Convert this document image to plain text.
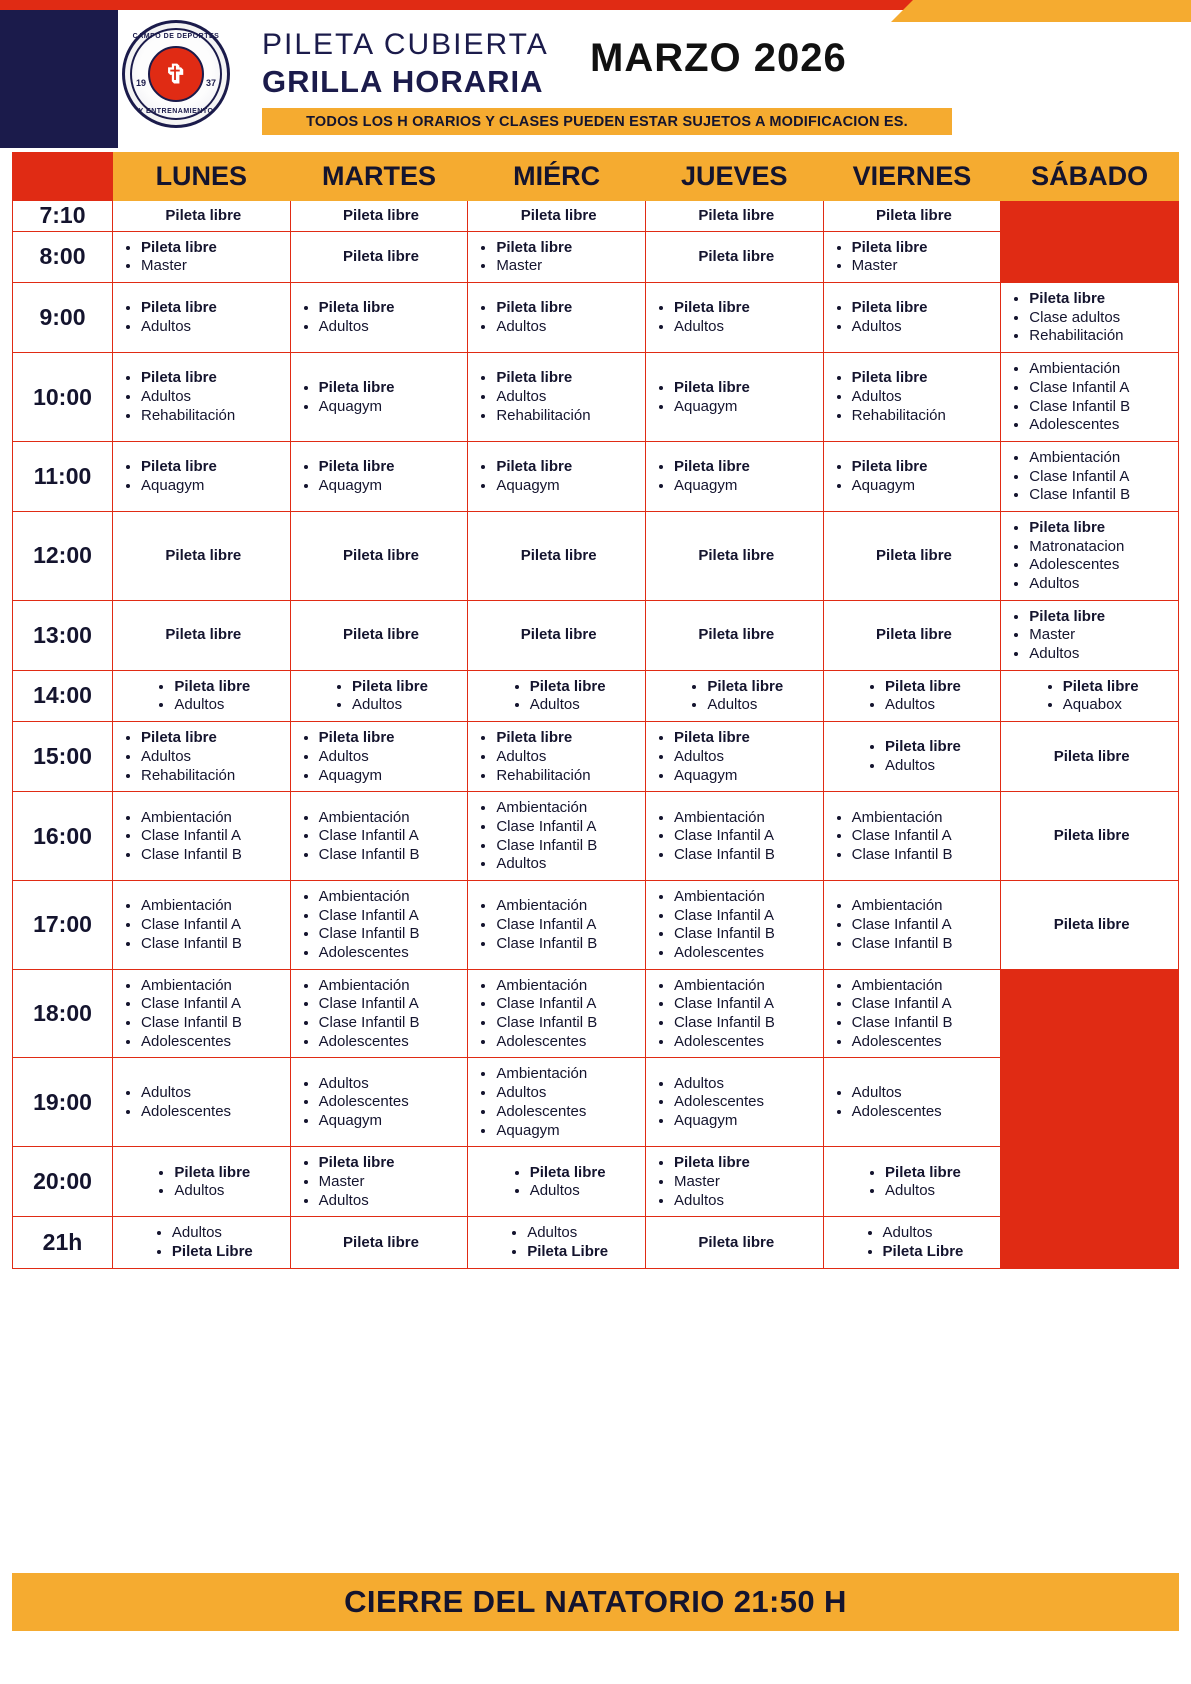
CAMPO DE DEPORTES
Y ENTRENAMIENTO
19	37
✞
PILETA CUBIERTA
GRILLA HORARIA
MARZO 2026
TODOS LOS H ORARIOS Y CLASES PUEDEN ESTAR SUJETOS A MODIFICACION ES.
	LUNES	MARTES	MIÉRC	JUEVES	VIERNES	SÁBADO
7:10	Pileta libre	Pileta libre	Pileta libre	Pileta libre	Pileta libre	
8:00	
•Pileta libre
• Master
	Pileta libre	
• Pileta libre
• Master
	Pileta libre	
• Pileta libre
• Master

9:00	
•Pileta libre
• Adultos

• Pileta libre
• Adultos

• Pileta libre
• Adultos

• Pileta libre
• Adultos

• Pileta libre
• Adultos

• Pileta libre
• Clase adultos
• Rehabilitación

10:00	
• Pileta libre
• Adultos
• Rehabilitación

• Pileta libre
• Aquagym

• Pileta libre
• Adultos
• Rehabilitación

• Pileta libre
• Aquagym

• Pileta libre
• Adultos
• Rehabilitación

• Ambientación
• Clase Infantil A
• Clase Infantil B
• Adolescentes

11:00	
•Pileta libre
• Aquagym

• Pileta libre
• Aquagym

• Pileta libre
• Aquagym

• Pileta libre
• Aquagym

• Pileta libre
• Aquagym

• Ambientación
• Clase Infantil A
• Clase Infantil B

12:00	Pileta libre	Pileta libre	Pileta libre	Pileta libre	Pileta libre	
• Pileta libre
• Matronatacion
• Adolescentes
• Adultos

13:00	Pileta libre	Pileta libre	Pileta libre	Pileta libre	Pileta libre	
• Pileta libre
• Master
• Adultos

14:00	
•Pileta libre
• Adultos

• Pileta libre
• Adultos

• Pileta libre
• Adultos

• Pileta libre
• Adultos

• Pileta libre
• Adultos

• Pileta libre
• Aquabox

15:00	
• Pileta libre
• Adultos
• Rehabilitación

• Pileta libre
• Adultos
• Aquagym

• Pileta libre
• Adultos
• Rehabilitación

• Pileta libre
• Adultos
• Aquagym

• Pileta libre
• Adultos
	Pileta libre
16:00	
• Ambientación
• Clase Infantil A
• Clase Infantil B

• Ambientación
• Clase Infantil A
• Clase Infantil B

• Ambientación
• Clase Infantil A
• Clase Infantil B
• Adultos

• Ambientación
• Clase Infantil A
• Clase Infantil B

• Ambientación
• Clase Infantil A
• Clase Infantil B
	Pileta libre
17:00	
• Ambientación
• Clase Infantil A
• Clase Infantil B

• Ambientación
• Clase Infantil A
• Clase Infantil B
• Adolescentes

• Ambientación
• Clase Infantil A
• Clase Infantil B

• Ambientación
• Clase Infantil A
• Clase Infantil B
• Adolescentes

• Ambientación
• Clase Infantil A
• Clase Infantil B
	Pileta libre
18:00	
• Ambientación
• Clase Infantil A
• Clase Infantil B
• Adolescentes

• Ambientación
• Clase Infantil A
• Clase Infantil B
• Adolescentes

• Ambientación
• Clase Infantil A
• Clase Infantil B
• Adolescentes

• Ambientación
• Clase Infantil A
• Clase Infantil B
• Adolescentes

• Ambientación
• Clase Infantil A
• Clase Infantil B
• Adolescentes

19:00	
•Adultos
• Adolescentes

• Adultos
• Adolescentes
• Aquagym

• Ambientación
• Adultos
• Adolescentes
• Aquagym

• Adultos
• Adolescentes
• Aquagym

• Adultos
• Adolescentes

20:00	
•Pileta libre
• Adultos

• Pileta libre
• Master
• Adultos

• Pileta libre
• Adultos

• Pileta libre
• Master
• Adultos

• Pileta libre
• Adultos

21h	
•Adultos
• Pileta Libre
	Pileta libre	
• Adultos
• Pileta Libre
	Pileta libre	
• Adultos
• Pileta Libre

CIERRE DEL NATATORIO 21:50 H
